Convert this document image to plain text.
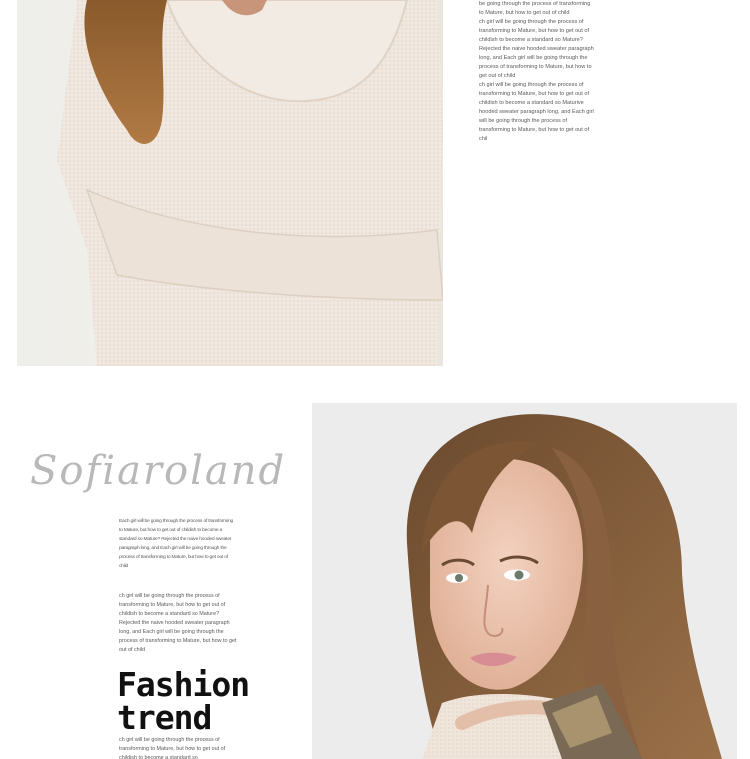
be going through the process of transforming to Mature, but how to get out of child

ch girl will be going through the process of transforming to Mature, but how to get out of childish to become a standard so Mature? Rejected the naive hooded sweater paragraph long, and Each girl will be going through the process of transforming to Mature, but how to get out of child

ch girl will be going through the process of transforming to Mature, but how to get out of childish to become a standard so Maturive hooded sweater paragraph long, and Each girl will be going through the process of transforming to Mature, but how to get out of chil

Sofiaroland
Each girl will be going through the process of transforming to Mature, but how to get out of childish to become a standard so Mature? Rejected the naive hooded sweater paragraph long, and Each girl will be going through the process of transforming to Mature, but how to get out of child
ch girl will be going through the process of transforming to Mature, but how to get out of childish to become a standard so Mature? Rejected the naive hooded sweater paragraph long, and Each girl will be going through the process of transforming to Mature, but how to get out of child
Fashion
trend
ch girl will be going through the process of transforming to Mature, but how to get out of childish to become a standard so
